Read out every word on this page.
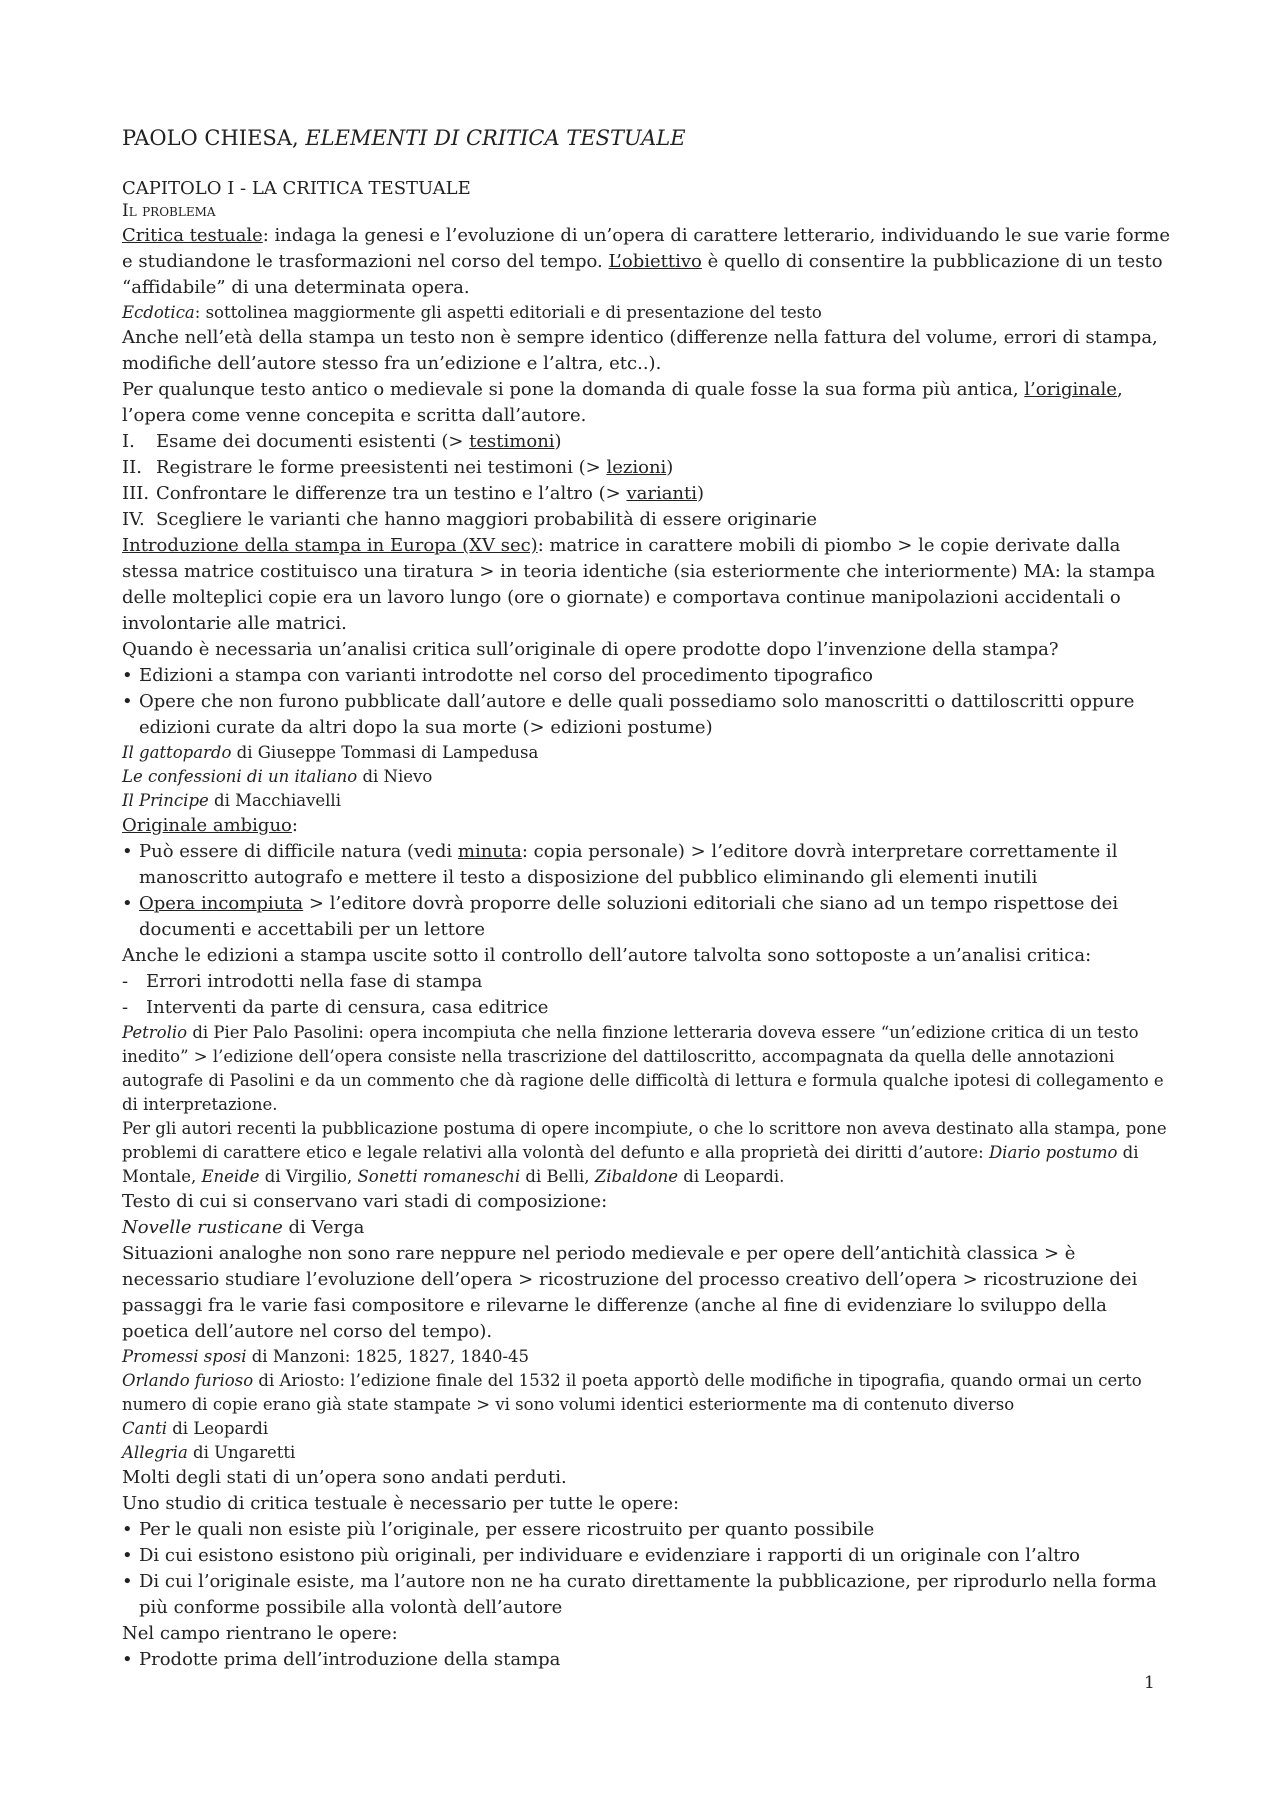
PAOLO CHIESA, ELEMENTI DI CRITICA TESTUALE

CAPITOLO I - LA CRITICA TESTUALE

Il problema

Critica testuale: indaga la genesi e l’evoluzione di un’opera di carattere letterario, individuando le sue varie forme e studiandone le trasformazioni nel corso del tempo. L’obiettivo è quello di consentire la pubblicazione di un testo “affidabile” di una determinata opera.

Ecdotica: sottolinea maggiormente gli aspetti editoriali e di presentazione del testo

Anche nell’età della stampa un testo non è sempre identico (differenze nella fattura del volume, errori di stampa, modifiche dell’autore stesso fra un’edizione e l’altra, etc..).

Per qualunque testo antico o medievale si pone la domanda di quale fosse la sua forma più antica, l’originale, l’opera come venne concepita e scritta dall’autore.

I. Esame dei documenti esistenti (> testimoni)
II. Registrare le forme preesistenti nei testimoni (> lezioni)
III. Confrontare le differenze tra un testino e l’altro (> varianti)
IV. Scegliere le varianti che hanno maggiori probabilità di essere originarie

Introduzione della stampa in Europa (XV sec): matrice in carattere mobili di piombo > le copie derivate dalla stessa matrice costituisco una tiratura > in teoria identiche (sia esteriormente che interiormente) MA: la stampa delle molteplici copie era un lavoro lungo (ore o giornate) e comportava continue manipolazioni accidentali o involontarie alle matrici.

Quando è necessaria un’analisi critica sull’originale di opere prodotte dopo l’invenzione della stampa?

• Edizioni a stampa con varianti introdotte nel corso del procedimento tipografico
• Opere che non furono pubblicate dall’autore e delle quali possediamo solo manoscritti o dattiloscritti oppure edizioni curate da altri dopo la sua morte (> edizioni postume)

Il gattopardo di Giuseppe Tommasi di Lampedusa

Le confessioni di un italiano di Nievo

Il Principe di Macchiavelli

Originale ambiguo:

• Può essere di difficile natura (vedi minuta: copia personale) > l’editore dovrà interpretare correttamente il manoscritto autografo e mettere il testo a disposizione del pubblico eliminando gli elementi inutili
• Opera incompiuta > l’editore dovrà proporre delle soluzioni editoriali che siano ad un tempo rispettose dei documenti e accettabili per un lettore

Anche le edizioni a stampa uscite sotto il controllo dell’autore talvolta sono sottoposte a un’analisi critica:

- Errori introdotti nella fase di stampa
- Interventi da parte di censura, casa editrice

Petrolio di Pier Palo Pasolini: opera incompiuta che nella finzione letteraria doveva essere “un’edizione critica di un testo inedito” > l’edizione dell’opera consiste nella trascrizione del dattiloscritto, accompagnata da quella delle annotazioni autografe di Pasolini e da un commento che dà ragione delle difficoltà di lettura e formula qualche ipotesi di collegamento e di interpretazione.

Per gli autori recenti la pubblicazione postuma di opere incompiute, o che lo scrittore non aveva destinato alla stampa, pone problemi di carattere etico e legale relativi alla volontà del defunto e alla proprietà dei diritti d’autore: Diario postumo di Montale, Eneide di Virgilio, Sonetti romaneschi di Belli, Zibaldone di Leopardi.

Testo di cui si conservano vari stadi di composizione:

Novelle rusticane di Verga

Situazioni analoghe non sono rare neppure nel periodo medievale e per opere dell’antichità classica > è necessario studiare l’evoluzione dell’opera > ricostruzione del processo creativo dell’opera > ricostruzione dei passaggi fra le varie fasi compositore e rilevarne le differenze (anche al fine di evidenziare lo sviluppo della poetica dell’autore nel corso del tempo).

Promessi sposi di Manzoni: 1825, 1827, 1840-45

Orlando furioso di Ariosto: l’edizione finale del 1532 il poeta apportò delle modifiche in tipografia, quando ormai un certo numero di copie erano già state stampate > vi sono volumi identici esteriormente ma di contenuto diverso

Canti di Leopardi

Allegria di Ungaretti

Molti degli stati di un’opera sono andati perduti.

Uno studio di critica testuale è necessario per tutte le opere:

• Per le quali non esiste più l’originale, per essere ricostruito per quanto possibile
• Di cui esistono esistono più originali, per individuare e evidenziare i rapporti di un originale con l’altro
• Di cui l’originale esiste, ma l’autore non ne ha curato direttamente la pubblicazione, per riprodurlo nella forma più conforme possibile alla volontà dell’autore

Nel campo rientrano le opere:

• Prodotte prima dell’introduzione della stampa
1
